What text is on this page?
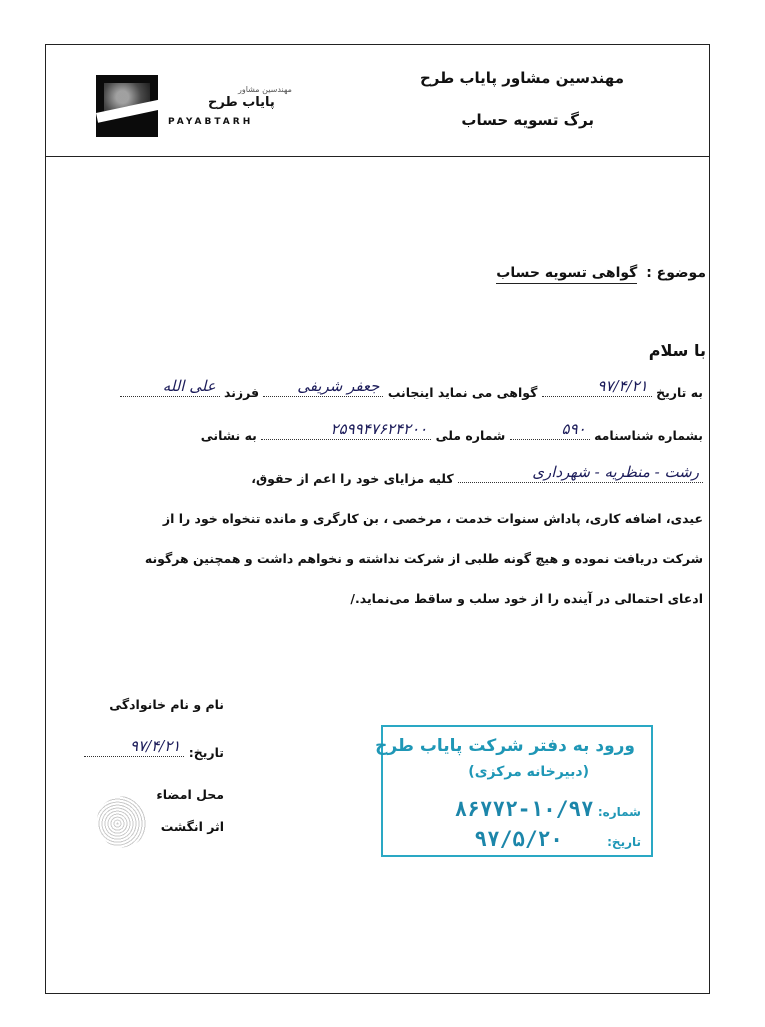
مهندسین مشاور پایاب طرح
برگ تسویه حساب
مهندسین مشاور
پایاب طرح
PAYABTARH
موضوع : گواهی تسویه حساب
با سلام
به تاریخ
۹۷/۴/۲۱
گواهی می نماید اینجانب
جعفر شریفی
فرزند
علی الله
بشماره شناسنامه
۵۹۰
شماره ملی
۲۵۹۹۴۷۶۲۴۲۰۰
به نشانی
رشت - منظریه - شهرداری
کلیه مزایای خود را اعم از حقوق،
عیدی، اضافه کاری، پاداش سنوات خدمت ، مرخصی ، بن کارگری و مانده تنخواه خود را از
شرکت دریافت نموده و هیچ گونه طلبی از شرکت نداشته و نخواهم داشت و همچنین هرگونه
ادعای احتمالی در آینده را از خود سلب و ساقط می‌نماید./
نام و نام خانوادگی
تاریخ:
۹۷/۴/۲۱
محل امضاء
اثر انگشت
ورود به دفتر شرکت پایاب طرح
(دبیرخانه مرکزی)
شماره: ۱۰/۹۷-۸۶۷۷۲
تاریخ: ۹۷/۵/۲۰
